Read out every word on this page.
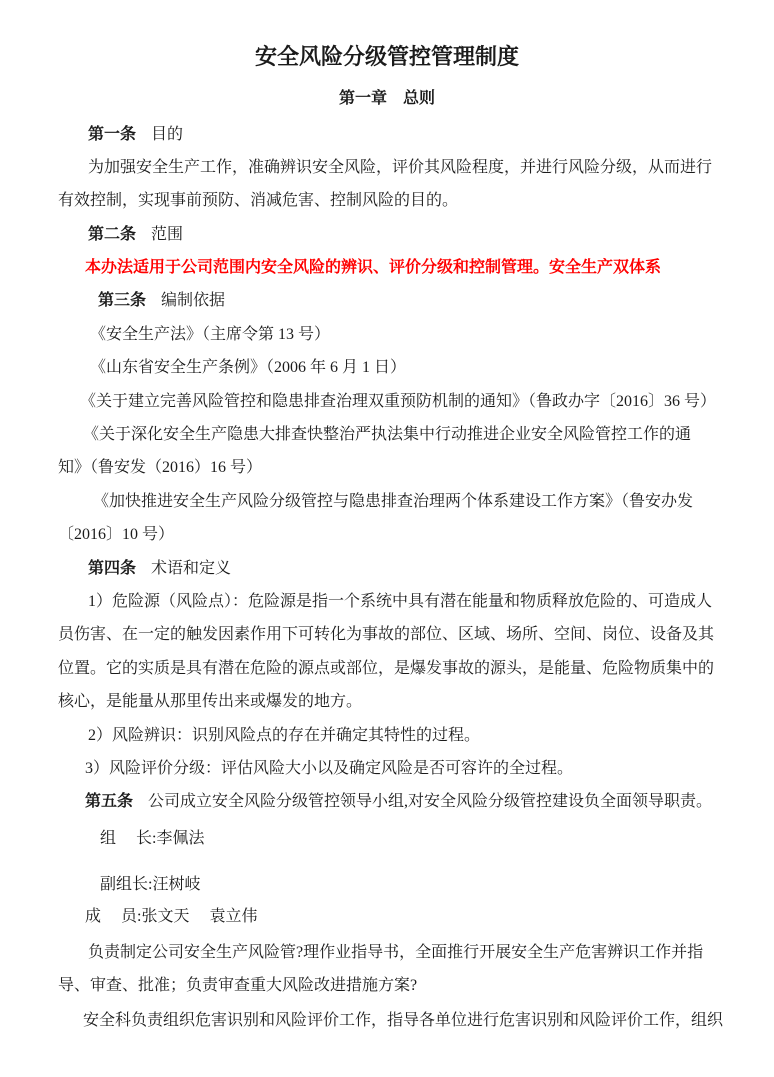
安全风险分级管控管理制度
第一章　总则
第一条 目的
为加强安全生产工作，准确辨识安全风险，评价其风险程度，并进行风险分级，从而进行
有效控制，实现事前预防、消减危害、控制风险的目的。
第二条 范围
本办法适用于公司范围内安全风险的辨识、评价分级和控制管理。安全生产双体系
第三条 编制依据
《安全生产法》（主席令第 13 号）
《山东省安全生产条例》（2006 年 6 月 1 日）
《关于建立完善风险管控和隐患排查治理双重预防机制的通知》（鲁政办字〔2016〕36 号）
《关于深化安全生产隐患大排查快整治严执法集中行动推进企业安全风险管控工作的通
知》（鲁安发（2016）16 号）
《加快推进安全生产风险分级管控与隐患排查治理两个体系建设工作方案》（鲁安办发
〔2016〕10 号）
第四条 术语和定义
1）危险源（风险点）：危险源是指一个系统中具有潜在能量和物质释放危险的、可造成人
员伤害、在一定的触发因素作用下可转化为事故的部位、区域、场所、空间、岗位、设备及其
位置。它的实质是具有潜在危险的源点或部位，是爆发事故的源头，是能量、危险物质集中的
核心，是能量从那里传出来或爆发的地方。
2）风险辨识：识别风险点的存在并确定其特性的过程。
3）风险评价分级：评估风险大小以及确定风险是否可容许的全过程。
第五条 公司成立安全风险分级管控领导小组,对安全风险分级管控建设负全面领导职责。
组　 长:李佩法
副组长:汪树岐
成　 员:张文天　 袁立伟
负责制定公司安全生产风险管?理作业指导书，全面推行开展安全生产危害辨识工作并指
导、审查、批准；负责审查重大风险改进措施方案?
安全科负责组织危害识别和风险评价工作，指导各单位进行危害识别和风险评价工作，组织
